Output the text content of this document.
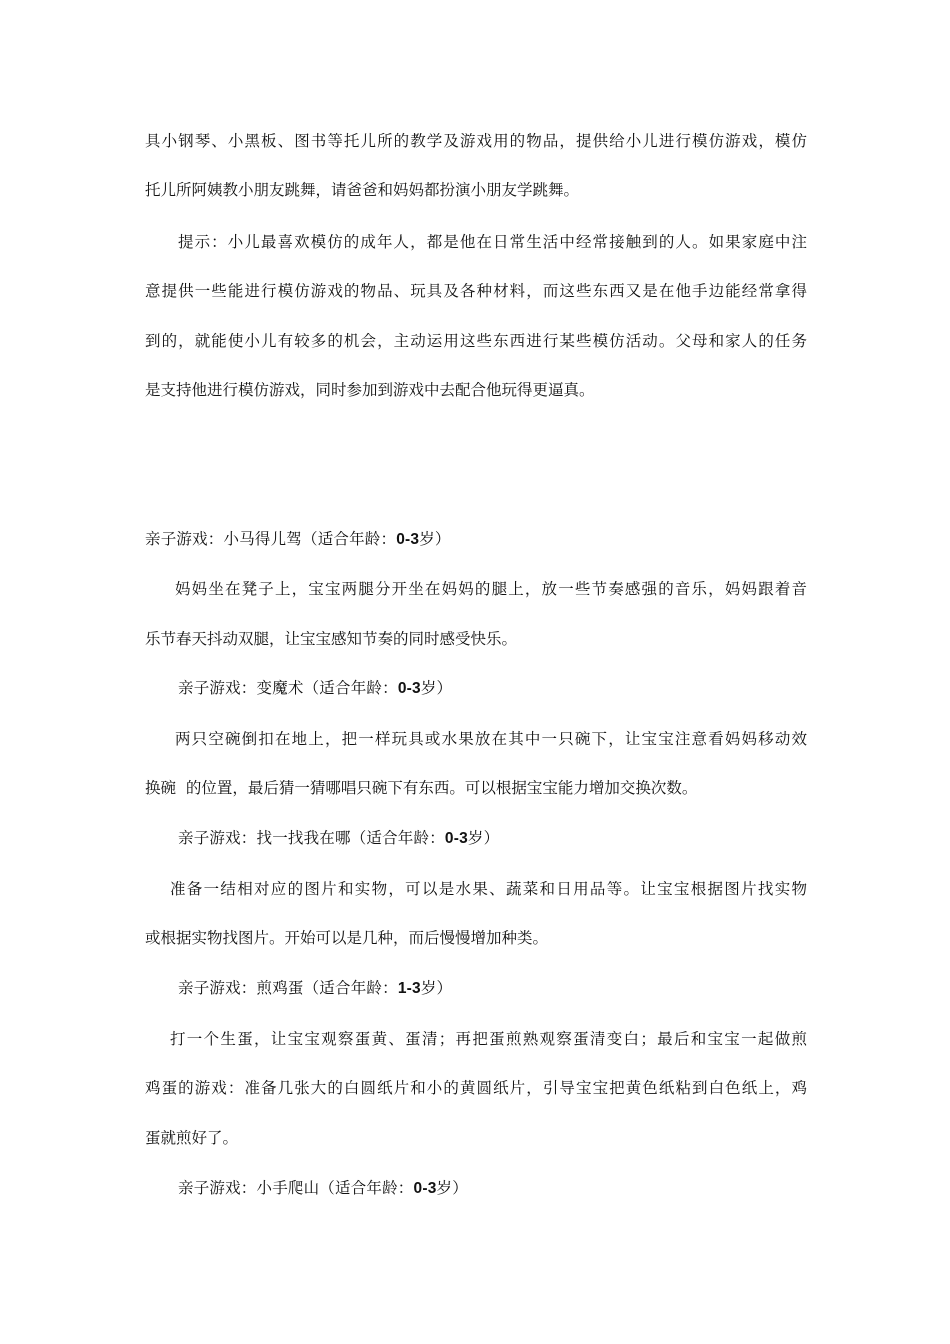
具小钢琴、小黑板、图书等托儿所的教学及游戏用的物品，提供给小儿进行模仿游戏，模仿
托儿所阿姨教小朋友跳舞，请爸爸和妈妈都扮演小朋友学跳舞。
提示：小儿最喜欢模仿的成年人，都是他在日常生活中经常接触到的人。如果家庭中注
意提供一些能进行模仿游戏的物品、玩具及各种材料，而这些东西又是在他手边能经常拿得
到的，就能使小儿有较多的机会，主动运用这些东西进行某些模仿活动。父母和家人的任务
是支持他进行模仿游戏，同时参加到游戏中去配合他玩得更逼真。
亲子游戏：小马得儿驾（适合年龄：0-3岁）
妈妈坐在凳子上，宝宝两腿分开坐在妈妈的腿上，放一些节奏感强的音乐，妈妈跟着音
乐节春天抖动双腿，让宝宝感知节奏的同时感受快乐。
亲子游戏：变魔术（适合年龄：0-3岁）
两只空碗倒扣在地上，把一样玩具或水果放在其中一只碗下，让宝宝注意看妈妈移动效
换碗  的位置，最后猜一猜哪唱只碗下有东西。可以根据宝宝能力增加交换次数。
亲子游戏：找一找我在哪（适合年龄：0-3岁）
准备一结相对应的图片和实物，可以是水果、蔬菜和日用品等。让宝宝根据图片找实物
或根据实物找图片。开始可以是几种，而后慢慢增加种类。
亲子游戏：煎鸡蛋（适合年龄：1-3岁）
打一个生蛋，让宝宝观察蛋黄、蛋清；再把蛋煎熟观察蛋清变白；最后和宝宝一起做煎
鸡蛋的游戏：准备几张大的白圆纸片和小的黄圆纸片，引导宝宝把黄色纸粘到白色纸上，鸡
蛋就煎好了。
亲子游戏：小手爬山（适合年龄：0-3岁）
